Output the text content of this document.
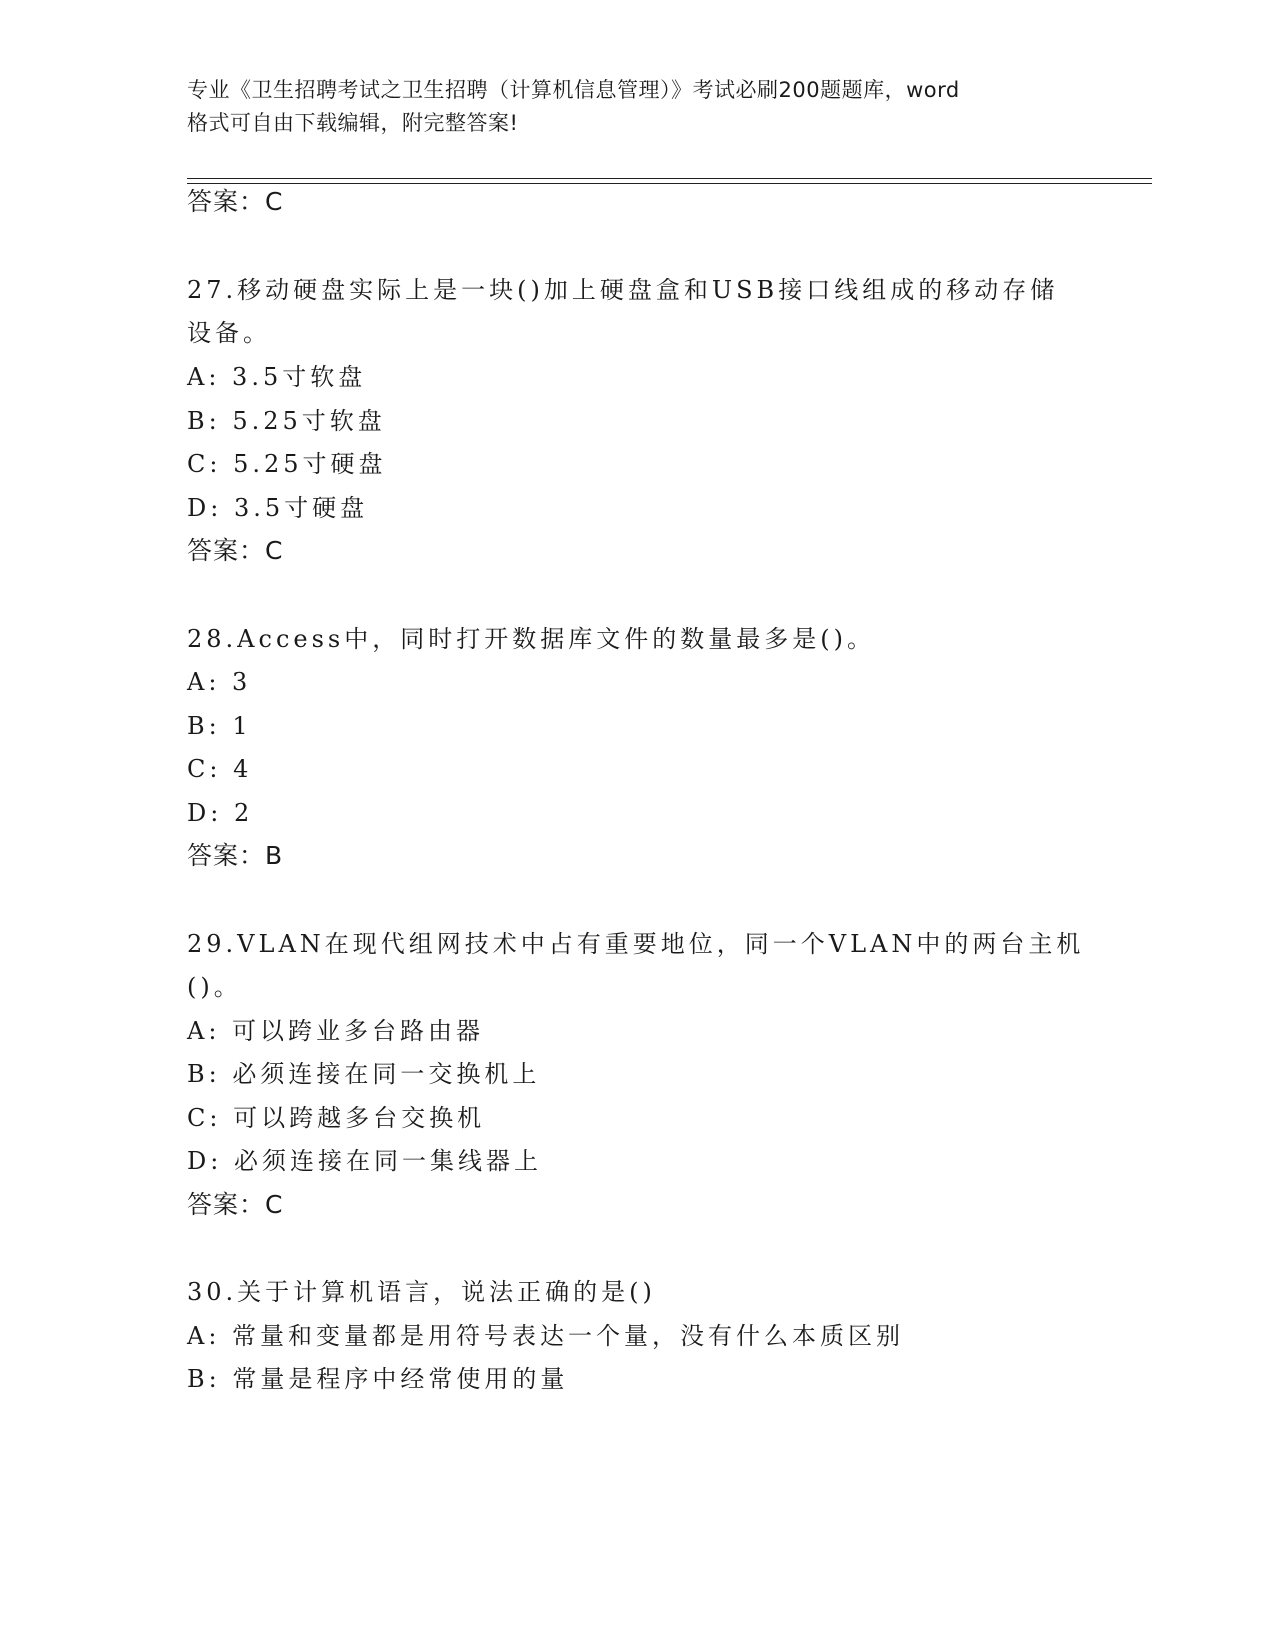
专业《卫生招聘考试之卫生招聘（计算机信息管理）》考试必刷200题题库，word
格式可自由下载编辑，附完整答案!
答案：C
27.移动硬盘实际上是一块()加上硬盘盒和USB接口线组成的移动存储
设备。
A: 3.5寸软盘
B: 5.25寸软盘
C: 5.25寸硬盘
D: 3.5寸硬盘
答案：C
28.Access中，同时打开数据库文件的数量最多是()。
A: 3
B: 1
C: 4
D: 2
答案：B
29.VLAN在现代组网技术中占有重要地位，同一个VLAN中的两台主机
()。
A: 可以跨业多台路由器
B: 必须连接在同一交换机上
C: 可以跨越多台交换机
D: 必须连接在同一集线器上
答案：C
30.关于计算机语言，说法正确的是()
A: 常量和变量都是用符号表达一个量，没有什么本质区别
B: 常量是程序中经常使用的量
